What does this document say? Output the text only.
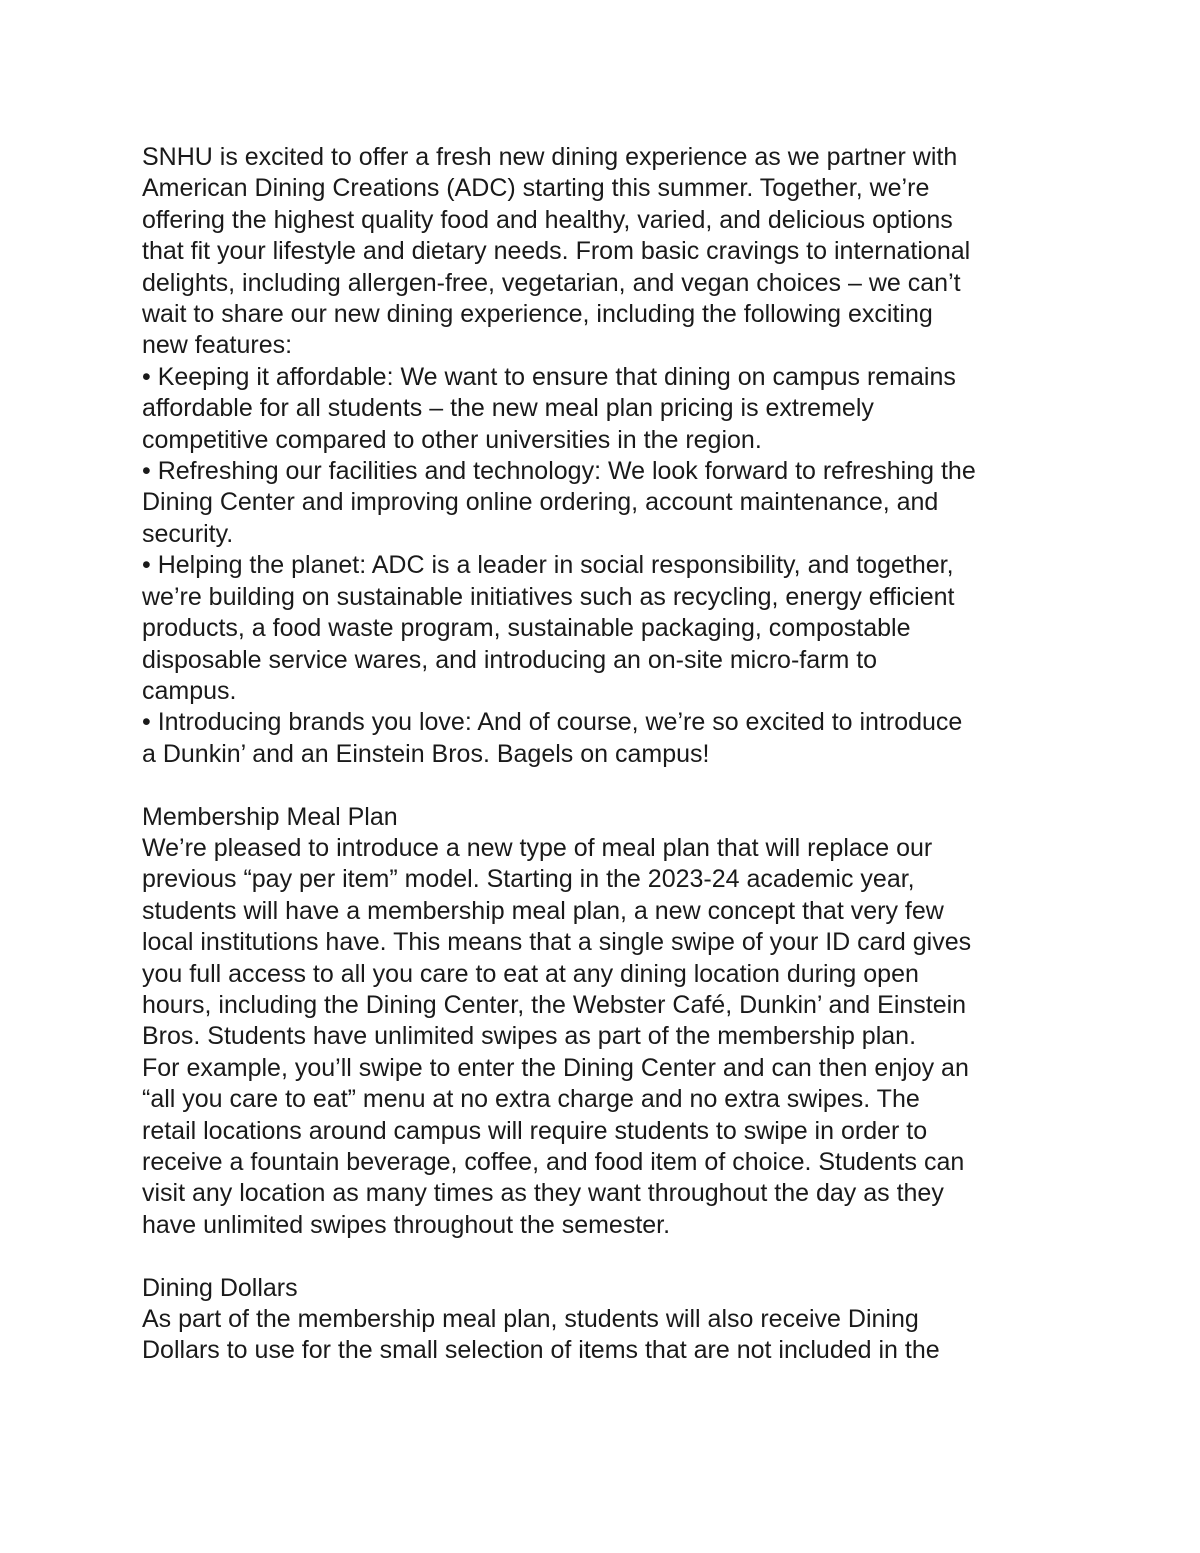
SNHU is excited to offer a fresh new dining experience as we partner with
American Dining Creations (ADC) starting this summer. Together, we’re
offering the highest quality food and healthy, varied, and delicious options
that fit your lifestyle and dietary needs. From basic cravings to international
delights, including allergen-free, vegetarian, and vegan choices – we can’t
wait to share our new dining experience, including the following exciting
new features:
• Keeping it affordable: We want to ensure that dining on campus remains
affordable for all students – the new meal plan pricing is extremely
competitive compared to other universities in the region.
• Refreshing our facilities and technology: We look forward to refreshing the
Dining Center and improving online ordering, account maintenance, and
security.
• Helping the planet: ADC is a leader in social responsibility, and together,
we’re building on sustainable initiatives such as recycling, energy efficient
products, a food waste program, sustainable packaging, compostable
disposable service wares, and introducing an on-site micro-farm to
campus.
• Introducing brands you love: And of course, we’re so excited to introduce
a Dunkin’ and an Einstein Bros. Bagels on campus!
Membership Meal Plan
We’re pleased to introduce a new type of meal plan that will replace our
previous “pay per item” model. Starting in the 2023-24 academic year,
students will have a membership meal plan, a new concept that very few
local institutions have. This means that a single swipe of your ID card gives
you full access to all you care to eat at any dining location during open
hours, including the Dining Center, the Webster Café, Dunkin’ and Einstein
Bros. Students have unlimited swipes as part of the membership plan.
For example, you’ll swipe to enter the Dining Center and can then enjoy an
“all you care to eat” menu at no extra charge and no extra swipes. The
retail locations around campus will require students to swipe in order to
receive a fountain beverage, coffee, and food item of choice. Students can
visit any location as many times as they want throughout the day as they
have unlimited swipes throughout the semester.
Dining Dollars
As part of the membership meal plan, students will also receive Dining
Dollars to use for the small selection of items that are not included in the
